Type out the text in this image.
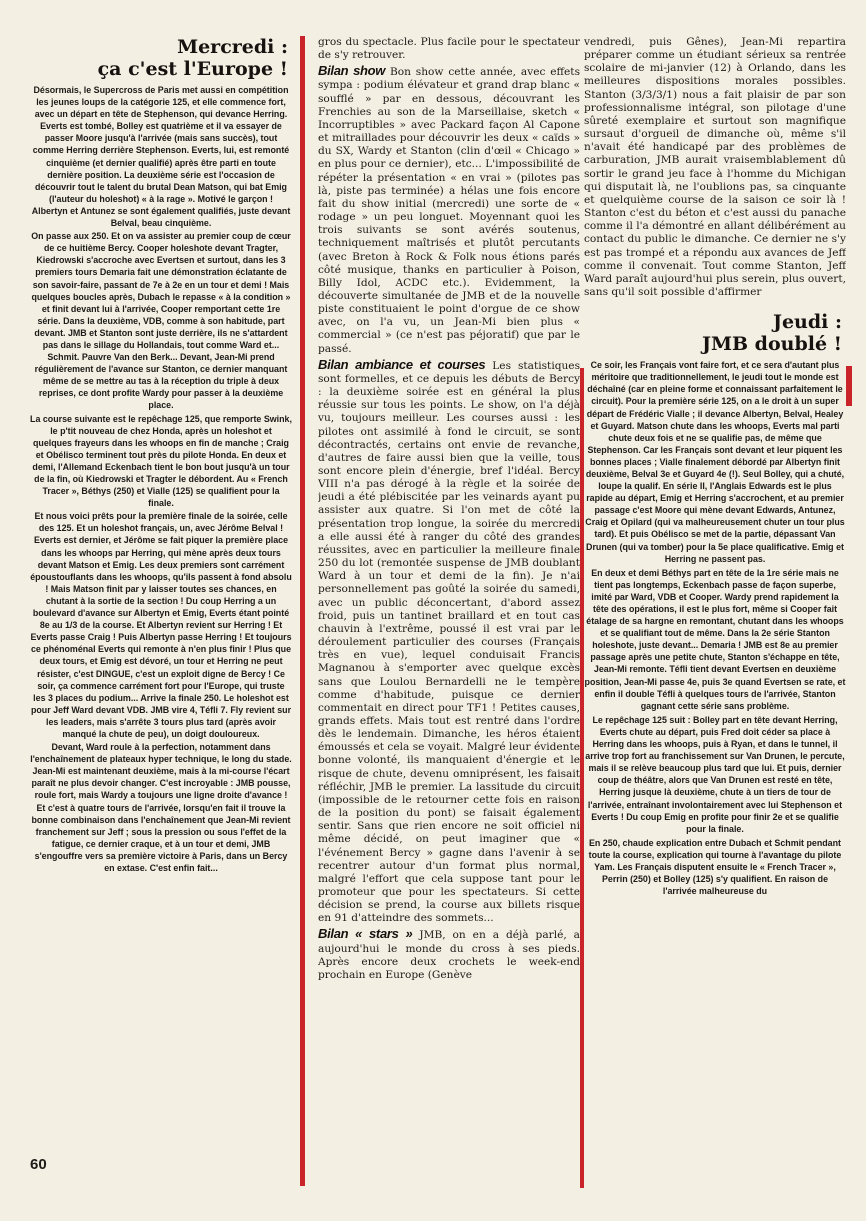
Mercredi :
ça c'est l'Europe !

Désormais, le Supercross de Paris met aussi en compétition les jeunes loups de la catégorie 125, et elle commence fort, avec un départ en tête de Stephenson, qui devance Herring. Everts est tombé, Bolley est quatrième et il va essayer de passer Moore jusqu'à l'arrivée (mais sans succès), tout comme Herring derrière Stephenson. Everts, lui, est remonté cinquième (et dernier qualifié) après être parti en toute dernière position. La deuxième série est l'occasion de découvrir tout le talent du brutal Dean Matson, qui bat Emig (l'auteur du holeshot) « à la rage ». Motivé le garçon ! Albertyn et Antunez se sont également qualifiés, juste devant Belval, beau cinquième.

On passe aux 250. Et on va assister au premier coup de cœur de ce huitième Bercy. Cooper holeshote devant Tragter, Kiedrowski s'accroche avec Evertsen et surtout, dans les 3 premiers tours Demaria fait une démonstration éclatante de son savoir-faire, passant de 7e à 2e en un tour et demi ! Mais quelques boucles après, Dubach le repasse « à la condition » et finit devant lui à l'arrivée, Cooper remportant cette 1re série. Dans la deuxième, VDB, comme à son habitude, part devant. JMB et Stanton sont juste derrière, ils ne s'attardent pas dans le sillage du Hollandais, tout comme Ward et... Schmit. Pauvre Van den Berk... Devant, Jean-Mi prend régulièrement de l'avance sur Stanton, ce dernier manquant même de se mettre au tas à la réception du triple à deux reprises, ce dont profite Wardy pour passer à la deuxième place.

La course suivante est le repêchage 125, que remporte Swink, le p'tit nouveau de chez Honda, après un holeshot et quelques frayeurs dans les whoops en fin de manche ; Craig et Obélisco terminent tout près du pilote Honda. En deux et demi, l'Allemand Eckenbach tient le bon bout jusqu'à un tour de la fin, où Kiedrowski et Tragter le débordent. Au « French Tracer », Béthys (250) et Vialle (125) se qualifient pour la finale.

Et nous voici prêts pour la première finale de la soirée, celle des 125. Et un holeshot français, un, avec Jérôme Belval ! Everts est dernier, et Jérôme se fait piquer la première place dans les whoops par Herring, qui mène après deux tours devant Matson et Emig. Les deux premiers sont carrément époustouflants dans les whoops, qu'ils passent à fond absolu ! Mais Matson finit par y laisser toutes ses chances, en chutant à la sortie de la section ! Du coup Herring a un boulevard d'avance sur Albertyn et Emig, Everts étant pointé 8e au 1/3 de la course. Et Albertyn revient sur Herring ! Et Everts passe Craig ! Puis Albertyn passe Herring ! Et toujours ce phénoménal Everts qui remonte à n'en plus finir ! Plus que deux tours, et Emig est dévoré, un tour et Herring ne peut résister, c'est DINGUE, c'est un exploit digne de Bercy ! Ce soir, ça commence carrément fort pour l'Europe, qui truste les 3 places du podium... Arrive la finale 250. Le holeshot est pour Jeff Ward devant VDB. JMB vire 4, Téfli 7. Fly revient sur les leaders, mais s'arrête 3 tours plus tard (après avoir manqué la chute de peu), un doigt douloureux.

Devant, Ward roule à la perfection, notamment dans l'enchaînement de plateaux hyper technique, le long du stade. Jean-Mi est maintenant deuxième, mais à la mi-course l'écart paraît ne plus devoir changer. C'est incroyable : JMB pousse, roule fort, mais Wardy a toujours une ligne droite d'avance ! Et c'est à quatre tours de l'arrivée, lorsqu'en fait il trouve la bonne combinaison dans l'enchaînement que Jean-Mi revient franchement sur Jeff ; sous la pression ou sous l'effet de la fatigue, ce dernier craque, et à un tour et demi, JMB s'engouffre vers sa première victoire à Paris, dans un Bercy en extase. C'est enfin fait...

gros du spectacle. Plus facile pour le spectateur de s'y retrouver.

Bilan show Bon show cette année, avec effets sympa : podium élévateur et grand drap blanc « soufflé » par en dessous, découvrant les Frenchies au son de la Marseillaise, sketch « Incorruptibles » avec Packard façon Al Capone et mitraillades pour découvrir les deux « caïds » du SX, Wardy et Stanton (clin d'œil « Chicago » en plus pour ce dernier), etc... L'impossibilité de répéter la présentation « en vrai » (pilotes pas là, piste pas terminée) a hélas une fois encore fait du show initial (mercredi) une sorte de « rodage » un peu longuet. Moyennant quoi les trois suivants se sont avérés soutenus, techniquement maîtrisés et plutôt percutants (avec Breton à Rock & Folk nous étions parés côté musique, thanks en particulier à Poison, Billy Idol, ACDC etc.). Evidemment, la découverte simultanée de JMB et de la nouvelle piste constituaient le point d'orgue de ce show avec, on l'a vu, un Jean-Mi bien plus « commercial » (ce n'est pas péjoratif) que par le passé.

Bilan ambiance et courses Les statistiques sont formelles, et ce depuis les débuts de Bercy : la deuxième soirée est en général la plus réussie sur tous les points. Le show, on l'a déjà vu, toujours meilleur. Les courses aussi : les pilotes ont assimilé à fond le circuit, se sont décontractés, certains ont envie de revanche, d'autres de faire aussi bien que la veille, tous sont encore plein d'énergie, bref l'idéal. Bercy VIII n'a pas dérogé à la règle et la soirée de jeudi a été plébiscitée par les veinards ayant pu assister aux quatre. Si l'on met de côté la présentation trop longue, la soirée du mercredi a elle aussi été à ranger du côté des grandes réussites, avec en particulier la meilleure finale 250 du lot (remontée suspense de JMB doublant Ward à un tour et demi de la fin). Je n'ai personnellement pas goûté la soirée du samedi, avec un public déconcertant, d'abord assez froid, puis un tantinet braillard et en tout cas chauvin à l'extrême, poussé il est vrai par le déroulement particulier des courses (Français très en vue), lequel conduisait Francis Magnanou à s'emporter avec quelque excès sans que Loulou Bernardelli ne le tempère comme d'habitude, puisque ce dernier commentait en direct pour TF1 ! Petites causes, grands effets. Mais tout est rentré dans l'ordre dès le lendemain. Dimanche, les héros étaient émoussés et cela se voyait. Malgré leur évidente bonne volonté, ils manquaient d'énergie et le risque de chute, devenu omniprésent, les faisait réfléchir, JMB le premier. La lassitude du circuit (impossible de le retourner cette fois en raison de la position du pont) se faisait également sentir. Sans que rien encore ne soit officiel ni même décidé, on peut imaginer que « l'événement Bercy » gagne dans l'avenir à se recentrer autour d'un format plus normal, malgré l'effort que cela suppose tant pour le promoteur que pour les spectateurs. Si cette décision se prend, la course aux billets risque en 91 d'atteindre des sommets...

Bilan « stars » JMB, on en a déjà parlé, a aujourd'hui le monde du cross à ses pieds. Après encore deux crochets le week-end prochain en Europe (Genève

vendredi, puis Gênes), Jean-Mi repartira préparer comme un étudiant sérieux sa rentrée scolaire de mi-janvier (12) à Orlando, dans les meilleures dispositions morales possibles. Stanton (3/3/3/1) nous a fait plaisir de par son professionnalisme intégral, son pilotage d'une sûreté exemplaire et surtout son magnifique sursaut d'orgueil de dimanche où, même s'il n'avait été handicapé par des problèmes de carburation, JMB aurait vraisemblablement dû sortir le grand jeu face à l'homme du Michigan qui disputait là, ne l'oublions pas, sa cinquante et quelquième course de la saison ce soir là ! Stanton c'est du béton et c'est aussi du panache comme il l'a démontré en allant délibérément au contact du public le dimanche. Ce dernier ne s'y est pas trompé et a répondu aux avances de Jeff comme il convenait. Tout comme Stanton, Jeff Ward paraît aujourd'hui plus serein, plus ouvert, sans qu'il soit possible d'affirmer

Jeudi :
JMB doublé !

Ce soir, les Français vont faire fort, et ce sera d'autant plus méritoire que traditionnellement, le jeudi tout le monde est déchaîné (car en pleine forme et connaissant parfaitement le circuit). Pour la première série 125, on a le droit à un super départ de Frédéric Vialle ; il devance Albertyn, Belval, Healey et Guyard. Matson chute dans les whoops, Everts mal parti chute deux fois et ne se qualifie pas, de même que Stephenson. Car les Français sont devant et leur piquent les bonnes places ; Vialle finalement débordé par Albertyn finit deuxième, Belval 3e et Guyard 4e (!). Seul Bolley, qui a chuté, loupe la qualif. En série II, l'Anglais Edwards est le plus rapide au départ, Emig et Herring s'accrochent, et au premier passage c'est Moore qui mène devant Edwards, Antunez, Craig et Opilard (qui va malheureusement chuter un tour plus tard). Et puis Obélisco se met de la partie, dépassant Van Drunen (qui va tomber) pour la 5e place qualificative. Emig et Herring ne passent pas.

En deux et demi Béthys part en tête de la 1re série mais ne tient pas longtemps, Eckenbach passe de façon superbe, imité par Ward, VDB et Cooper. Wardy prend rapidement la tête des opérations, il est le plus fort, même si Cooper fait étalage de sa hargne en remontant, chutant dans les whoops et se qualifiant tout de même. Dans la 2e série Stanton holeshote, juste devant... Demaria ! JMB est 8e au premier passage après une petite chute, Stanton s'échappe en tête, Jean-Mi remonte. Téfli tient devant Evertsen en deuxième position, Jean-Mi passe 4e, puis 3e quand Evertsen se rate, et enfin il double Téfli à quelques tours de l'arrivée, Stanton gagnant cette série sans problème.

Le repêchage 125 suit : Bolley part en tête devant Herring, Everts chute au départ, puis Fred doit céder sa place à Herring dans les whoops, puis à Ryan, et dans le tunnel, il arrive trop fort au franchissement sur Van Drunen, le percute, mais il se relève beaucoup plus tard que lui. Et puis, dernier coup de théâtre, alors que Van Drunen est resté en tête, Herring jusque là deuxième, chute à un tiers de tour de l'arrivée, entraînant involontairement avec lui Stephenson et Everts ! Du coup Emig en profite pour finir 2e et se qualifie pour la finale.

En 250, chaude explication entre Dubach et Schmit pendant toute la course, explication qui tourne à l'avantage du pilote Yam. Les Français disputent ensuite le « French Tracer », Perrin (250) et Bolley (125) s'y qualifient. En raison de l'arrivée malheureuse du

60
